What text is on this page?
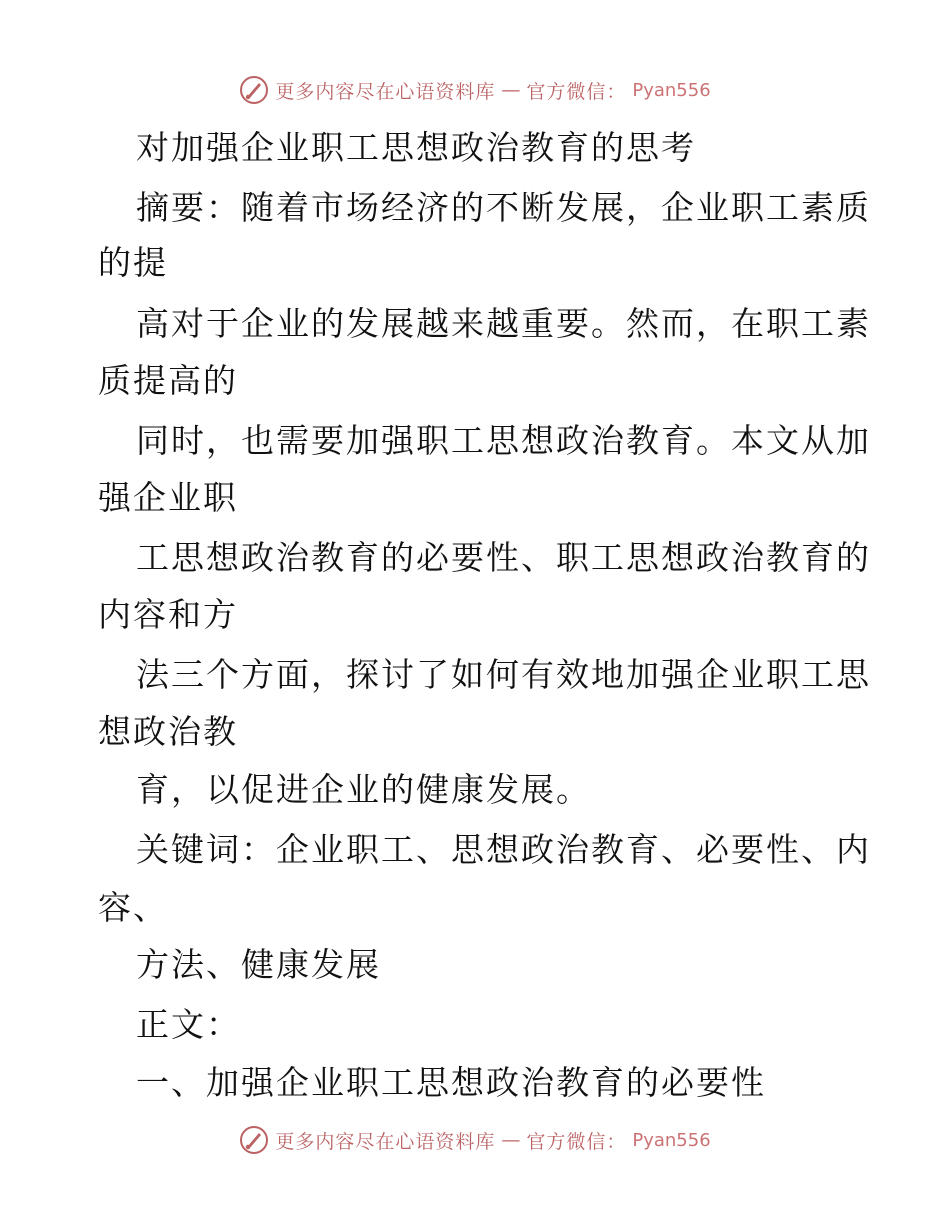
更多内容尽在心语资料库 — 官方微信： Pyan556
对加强企业职工思想政治教育的思考
摘要：随着市场经济的不断发展，企业职工素质
的提
高对于企业的发展越来越重要。然而，在职工素
质提高的
同时，也需要加强职工思想政治教育。本文从加
强企业职
工思想政治教育的必要性、职工思想政治教育的
内容和方
法三个方面，探讨了如何有效地加强企业职工思
想政治教
育，以促进企业的健康发展。
关键词：企业职工、思想政治教育、必要性、内
容、
方法、健康发展
正文：
一、加强企业职工思想政治教育的必要性
更多内容尽在心语资料库 — 官方微信： Pyan556
